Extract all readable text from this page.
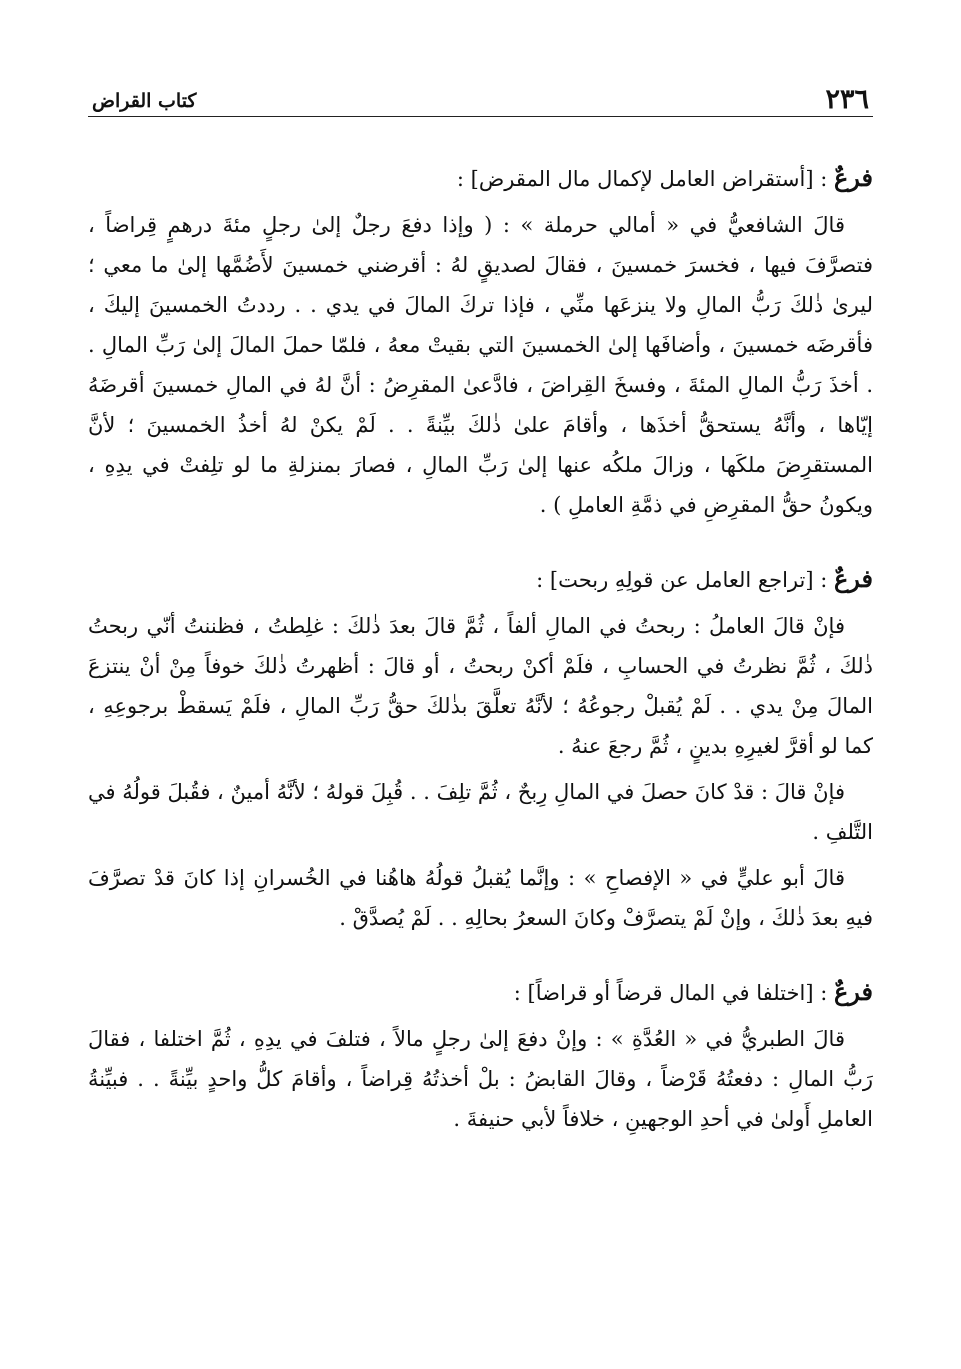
٢٣٦
كتاب القراض
فرعٌ : [أستقراض العامل لإكمال مال المقرض] :

قالَ الشافعيُّ في « أمالي حرملة » : ( وإذا دفعَ رجلٌ إلىٰ رجلٍ مئةَ درهمٍ قِراضاً ، فتصرَّفَ فيها ، فخسرَ خمسينَ ، فقالَ لصديقٍ لهُ : أقرضني خمسينَ لأَضُمَّها إلىٰ ما معي ؛ ليرىٰ ذٰلكَ رَبُّ المالِ ولا ينزعَها منِّي ، فإذا تركَ المالَ في يدي . . رددتُ الخمسينَ إليكَ ، فأقرضَه خمسينَ ، وأضافَها إلىٰ الخمسينَ التي بقيتْ معهُ ، فلمّا حملَ المالَ إلىٰ رَبِّ المالِ . . أخذَ رَبُّ المالِ المئةَ ، وفسخَ القِراضَ ، فادَّعىٰ المقرِضُ : أنَّ لهُ في المالِ خمسينَ أقرضَهُ إيّاها ، وأنَّهُ يستحقُّ أخذَها ، وأقامَ علىٰ ذٰلكَ بيِّنةً . . لَمْ يكنْ لهُ أخذُ الخمسينَ ؛ لأنَّ المستقرِضَ ملكَها ، وزالَ ملكُه عنها إلىٰ رَبِّ المالِ ، فصارَ بمنزلةِ ما لو تلِفتْ في يدِهِ ، ويكونُ حقُّ المقرِضِ في ذمَّةِ العاملِ ) .

فرعٌ : [تراجع العامل عن قولِهِ ربحت] :

فإنْ قالَ العاملُ : ربحتُ في المالِ ألفاً ، ثُمَّ قالَ بعدَ ذٰلكَ : غلِطتُ ، فظننتُ أنّي ربحتُ ذٰلكَ ، ثُمَّ نظرتُ في الحسابِ ، فلَمْ أكنْ ربحتُ ، أو قالَ : أظهرتُ ذٰلكَ خوفاً مِنْ أنْ ينتزعَ المالَ مِنْ يدي . . لَمْ يُقبلْ رجوعُهُ ؛ لأنَّهُ تعلَّقَ بذٰلكَ حقُّ رَبِّ المالِ ، فلَمْ يَسقطْ برجوعِهِ ، كما لو أقرَّ لغيرِهِ بدينٍ ، ثُمَّ رجعَ عنهُ .

فإنْ قالَ : قدْ كانَ حصلَ في المالِ رِبحٌ ، ثُمَّ تلِفَ . . قُبِلَ قولهُ ؛ لأنَّهُ أمينٌ ، فقُبلَ قولُهُ في التَّلفِ .

قالَ أبو عليٍّ في « الإفصاحِ » : وإنَّما يُقبلُ قولُهُ هاهُنا في الخُسرانِ إذا كانَ قدْ تصرَّفَ فيهِ بعدَ ذٰلكَ ، وإنْ لَمْ يتصرَّفْ وكانَ السعرُ بحالِهِ . . لَمْ يُصدَّقْ .

فرعٌ : [اختلفا في المال قرضاً أو قراضاً] :

قالَ الطبريُّ في « العُدَّةِ » : وإنْ دفعَ إلىٰ رجلٍ مالاً ، فتلفَ في يدِهِ ، ثُمَّ اختلفا ، فقالَ رَبُّ المالِ : دفعتُهُ قَرْضاً ، وقالَ القابضُ : بلْ أخذتُهُ قِراضاً ، وأقامَ كلُّ واحدٍ بيِّنةً . . فبيِّنةُ العاملِ أَولىٰ في أحدِ الوجهينِ ، خلافاً لأبي حنيفةَ .
